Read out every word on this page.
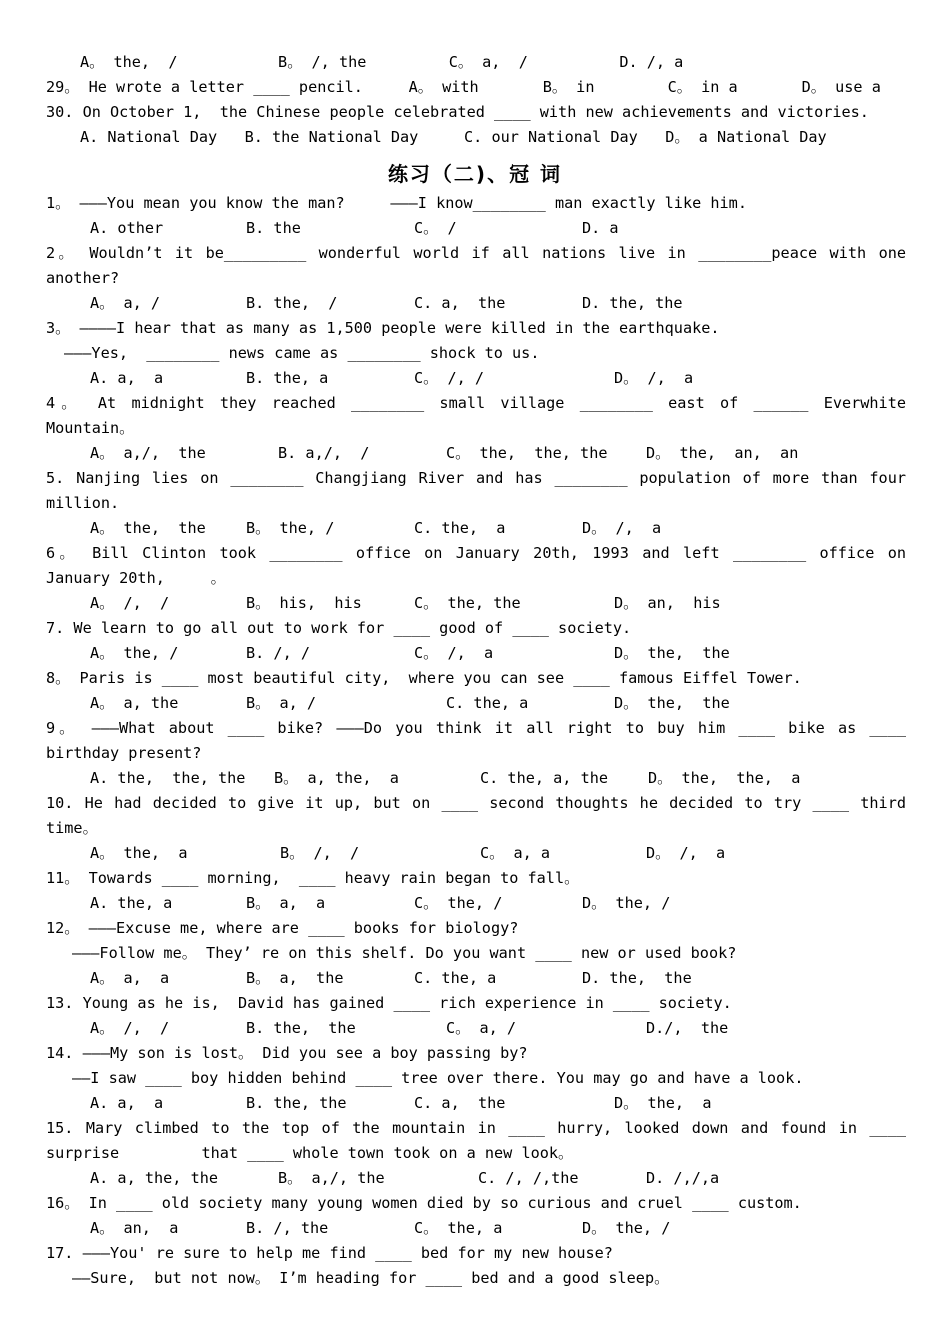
A。 the,  /           B。 /, the         C。 a,  /          D. /, a
29。 He wrote a letter ____ pencil.     A。 with       B。 in        C。 in a       D。 use a
30. On October 1,  the Chinese people celebrated ____ with new achievements and victories.
A. National Day   B. the National Day     C. our National Day   D。 a National Day
练习（二)、冠 词
1。 ———You mean you know the man?     ———I know________ man exactly like him.
A. other	B. the	C。 /	D. a
2。 Wouldn’t it be_________ wonderful world if all nations live in ________peace with one
another?
A。 a, /	B. the,  /	C. a,  the	D. the, the
3。 ————I hear that as many as 1,500 people were killed in the earthquake.
———Yes,  ________ news came as ________ shock to us.
A. a,  a	B. the, a	C。 /, /	D。 /,  a
4。 At midnight they reached ________ small village ________ east of ______ Everwhite
Mountain。
A。 a,/,  the	B. a,/,  /	C。 the,  the, the	D。 the,  an,  an
5. Nanjing lies on ________ Changjiang River and has ________ population of more than four
million.
A。 the,  the	B。 the, /	C. the,  a	D。 /,  a
6。 Bill Clinton took ________ office on January 20th, 1993 and left ________ office on
January 20th,     。
A。 /,  /	B。 his,  his	C。 the, the	D。 an,  his
7. We learn to go all out to work for ____ good of ____ society.
A。 the, /	B. /, /	C。 /,  a	D。 the,  the
8。 Paris is ____ most beautiful city,  where you can see ____ famous Eiffel Tower.
A。 a, the	B。 a, /	C. the, a	D。 the,  the
9。 ———What about ____ bike? ———Do you think it all right to buy him ____ bike as ____
birthday present?
A. the,  the, the	B。 a, the,  a	C. the, a, the	D。 the,  the,  a
10. He had decided to give it up, but on ____ second thoughts he decided to try ____ third
time。
A。 the,  a	B。 /,  /	C。 a, a	D。 /,  a
11。 Towards ____ morning,  ____ heavy rain began to fall。
A. the, a	B。 a,  a	C。 the, /	D。 the, /
12。 ———Excuse me, where are ____ books for biology?
———Follow me。 They’ re on this shelf. Do you want ____ new or used book?
A。 a,  a	B。 a,  the	C. the, a	D. the,  the
13. Young as he is,  David has gained ____ rich experience in ____ society.
A。 /,  /	B. the,  the	C。 a, /	D./,  the
14. ———My son is lost。 Did you see a boy passing by?
——I saw ____ boy hidden behind ____ tree over there. You may go and have a look.
A. a,  a	B. the, the	C. a,  the	D。 the,  a
15. Mary climbed to the top of the mountain in ____ hurry, looked down and found in ____
surprise         that ____ whole town took on a new look。
A. a, the, the	B。 a,/, the	C. /, /,the	D. /,/,a
16。 In ____ old society many young women died by so curious and cruel ____ custom.
A。 an,  a	B. /, the	C。 the, a	D。 the, /
17. ———You' re sure to help me find ____ bed for my new house?
——Sure,  but not now。 I’m heading for ____ bed and a good sleep。
